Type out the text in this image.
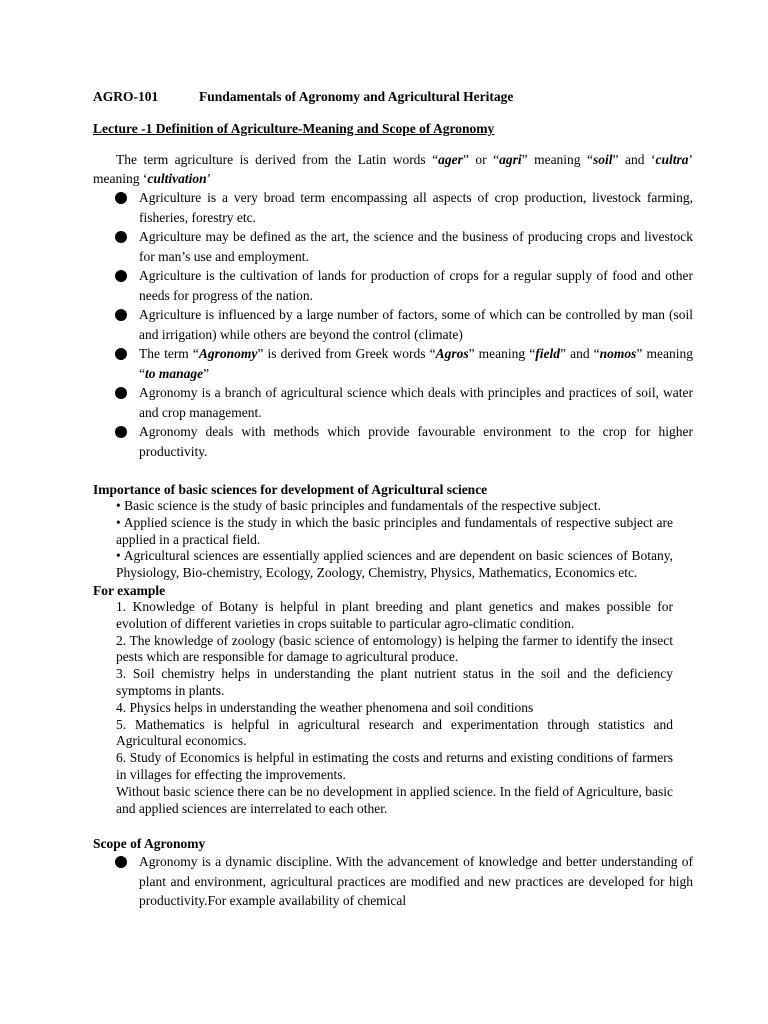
AGRO-101	Fundamentals of Agronomy and Agricultural Heritage

Lecture -1 Definition of Agriculture-Meaning and Scope of Agronomy

The term agriculture is derived from the Latin words “ager” or “agri” meaning “soil” and ‘cultra’ meaning ‘cultivation’

Agriculture is a very broad term encompassing all aspects of crop production, livestock farming, fisheries, forestry etc.
Agriculture may be defined as the art, the science and the business of producing crops and livestock for man’s use and employment.
Agriculture is the cultivation of lands for production of crops for a regular supply of food and other needs for progress of the nation.
Agriculture is influenced by a large number of factors, some of which can be controlled by man (soil and irrigation) while others are beyond the control (climate)
The term “Agronomy” is derived from Greek words “Agros” meaning “field” and “nomos” meaning “to manage”
Agronomy is a branch of agricultural science which deals with principles and practices of soil, water and crop management.
Agronomy deals with methods which provide favourable environment to the crop for higher productivity.

Importance of basic sciences for development of Agricultural science

• Basic science is the study of basic principles and fundamentals of the respective subject.

• Applied science is the study in which the basic principles and fundamentals of respective subject are applied in a practical field.

• Agricultural sciences are essentially applied sciences and are dependent on basic sciences of Botany, Physiology, Bio-chemistry, Ecology, Zoology, Chemistry, Physics, Mathematics, Economics etc.

For example

1. Knowledge of Botany is helpful in plant breeding and plant genetics and makes possible for evolution of different varieties in crops suitable to particular agro-climatic condition.

2. The knowledge of zoology (basic science of entomology) is helping the farmer to identify the insect pests which are responsible for damage to agricultural produce.

3. Soil chemistry helps in understanding the plant nutrient status in the soil and the deficiency symptoms in plants.

4. Physics helps in understanding the weather phenomena and soil conditions

5. Mathematics is helpful in agricultural research and experimentation through statistics and Agricultural economics.

6. Study of Economics is helpful in estimating the costs and returns and existing conditions of farmers in villages for effecting the improvements.

Without basic science there can be no development in applied science. In the field of Agriculture, basic and applied sciences are interrelated to each other.

Scope of Agronomy

Agronomy is a dynamic discipline. With the advancement of knowledge and better understanding of plant and environment, agricultural practices are modified and new practices are developed for high productivity.For example availability of chemical
